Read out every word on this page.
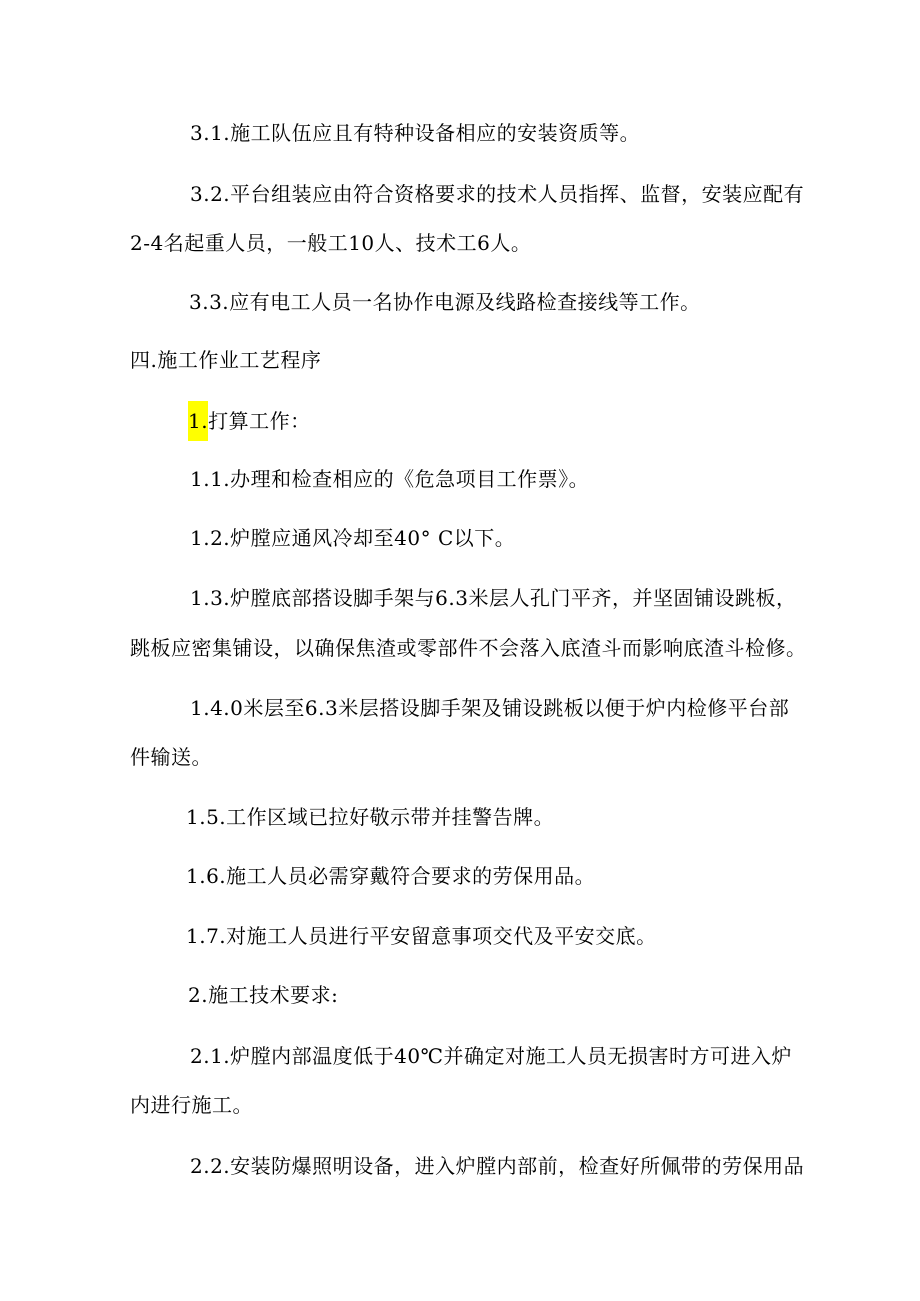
3.1.施工队伍应且有特种设备相应的安装资质等。
3.2.平台组装应由符合资格要求的技术人员指挥、监督，安装应配有
2-4名起重人员，一般工10人、技术工6人。
3.3.应有电工人员一名协作电源及线路检查接线等工作。
四.施工作业工艺程序
1.打算工作：
1.1.办理和检查相应的《危急项目工作票》。
1.2.炉膛应通风冷却至40° C以下。
1.3.炉膛底部搭设脚手架与6.3米层人孔门平齐，并坚固铺设跳板，
跳板应密集铺设，以确保焦渣或零部件不会落入底渣斗而影响底渣斗检修。
1.4.0米层至6.3米层搭设脚手架及铺设跳板以便于炉内检修平台部
件输送。
1.5.工作区域已拉好敬示带并挂警告牌。
1.6.施工人员必需穿戴符合要求的劳保用品。
1.7.对施工人员进行平安留意事项交代及平安交底。
2.施工技术要求:
2.1.炉膛内部温度低于40℃并确定对施工人员无损害时方可进入炉
内进行施工。
2.2.安装防爆照明设备，进入炉膛内部前，检查好所佩带的劳保用品
